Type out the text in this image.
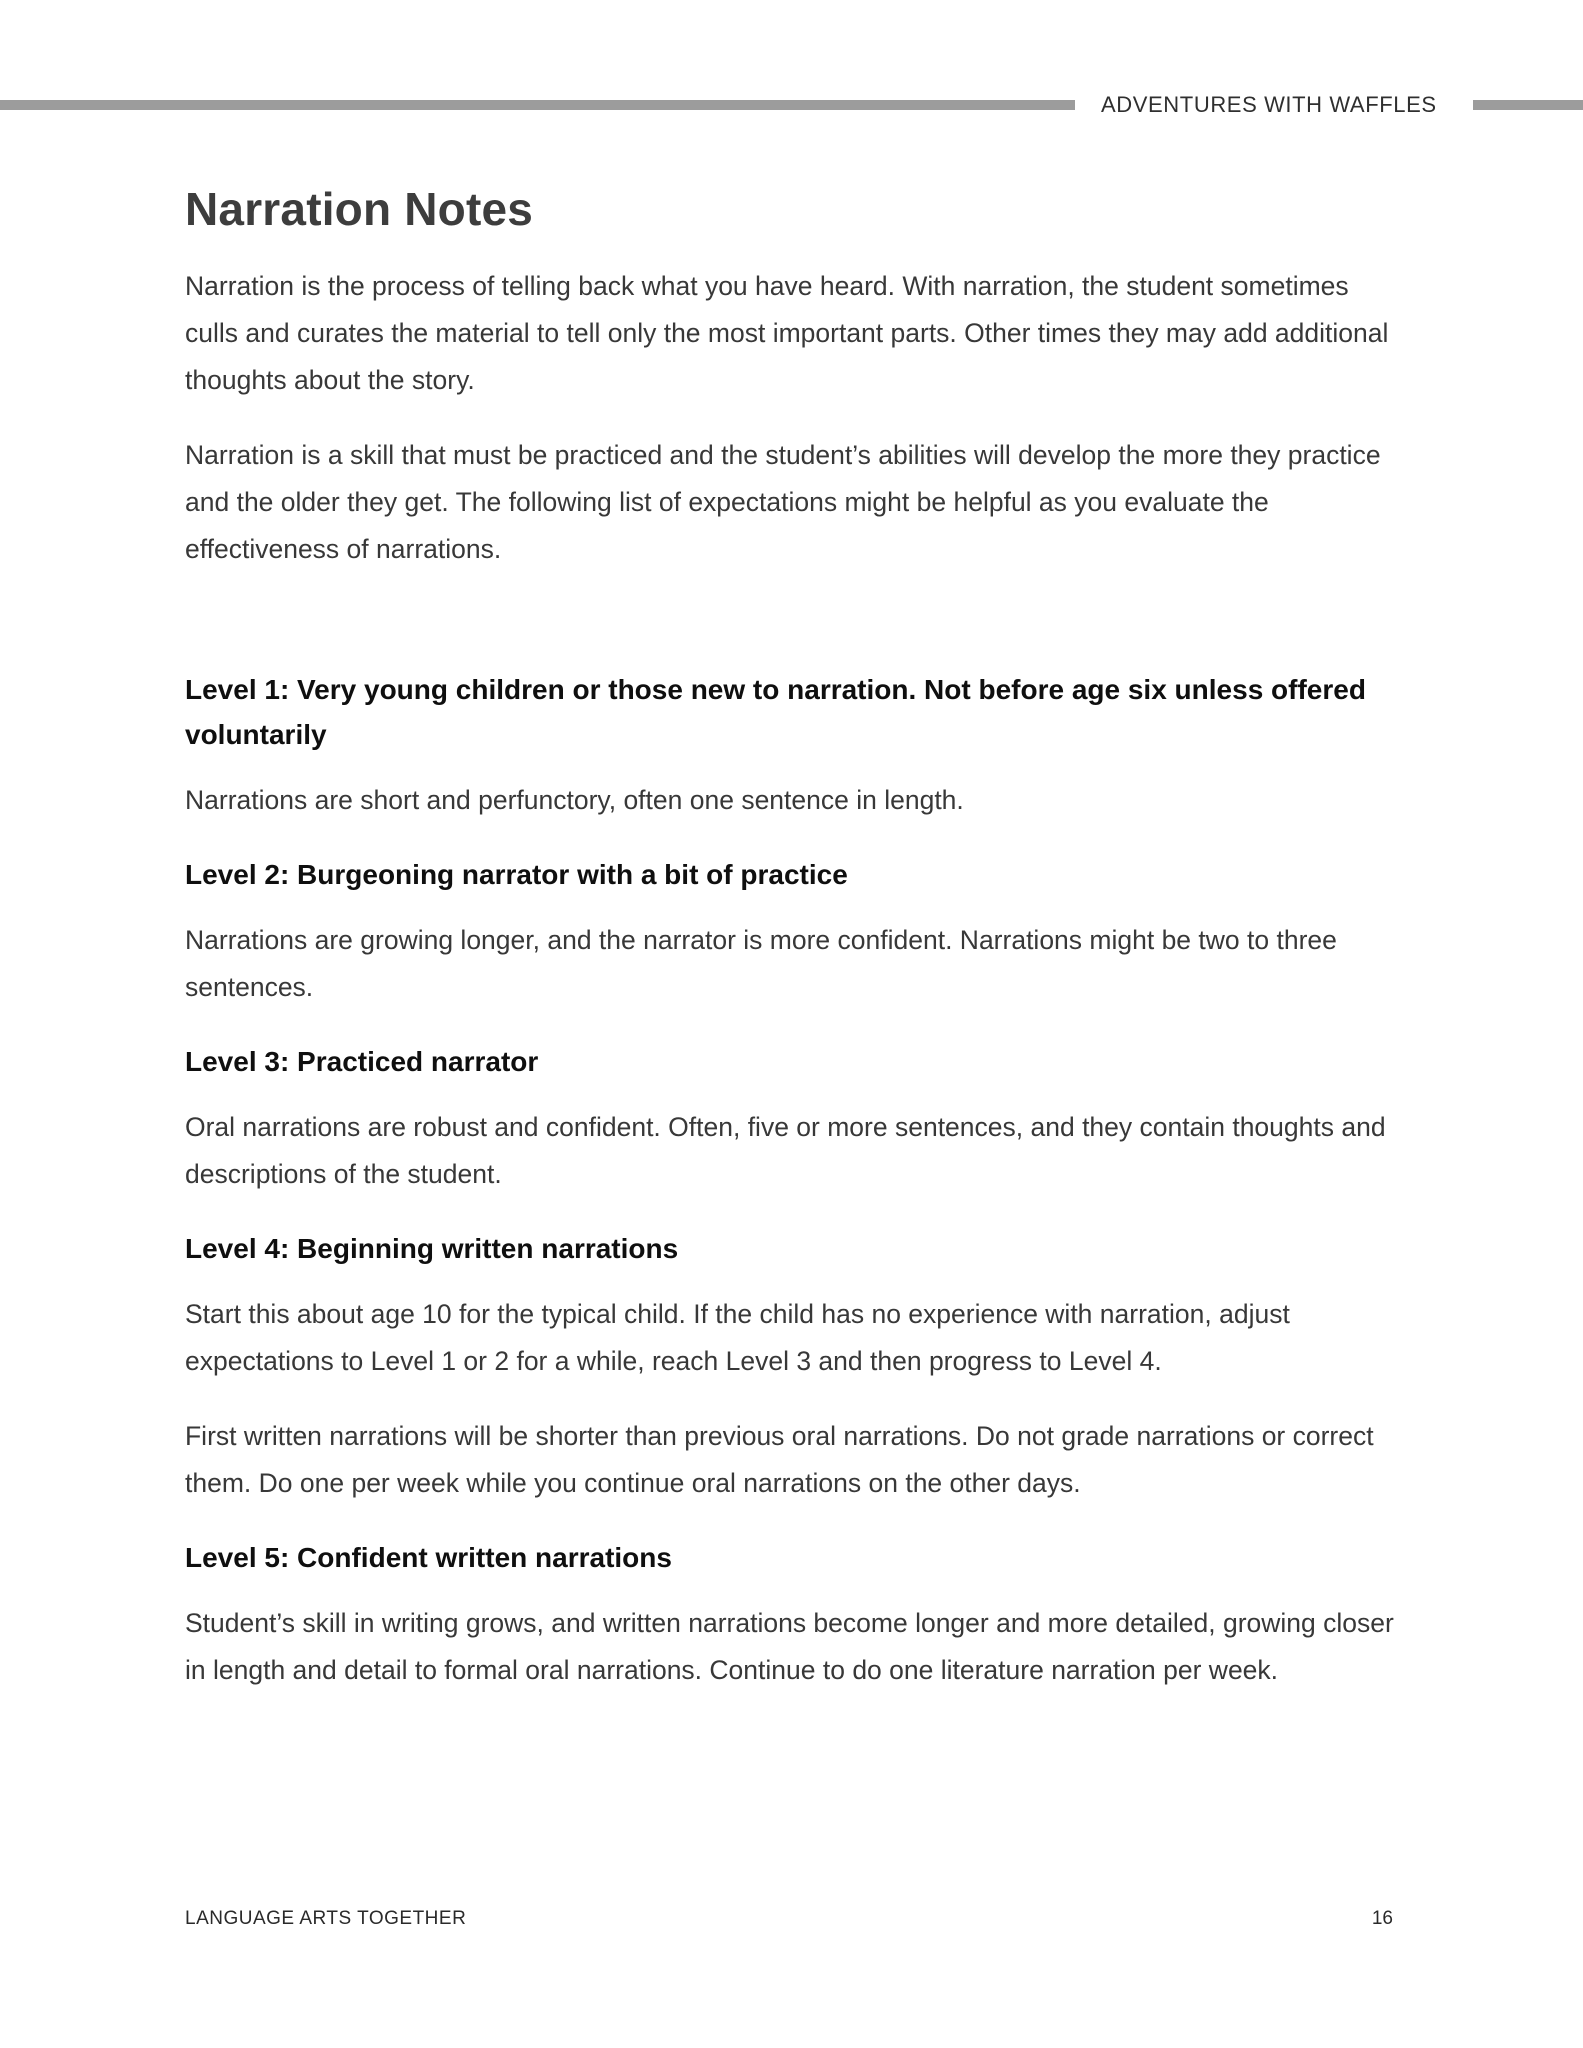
ADVENTURES WITH WAFFLES
Narration Notes

Narration is the process of telling back what you have heard. With narration, the student sometimes culls and curates the material to tell only the most important parts. Other times they may add additional thoughts about the story.

Narration is a skill that must be practiced and the student’s abilities will develop the more they practice and the older they get. The following list of expectations might be helpful as you evaluate the effectiveness of narrations.

Level 1: Very young children or those new to narration. Not before age six unless offered voluntarily

Narrations are short and perfunctory, often one sentence in length.

Level 2: Burgeoning narrator with a bit of practice

Narrations are growing longer, and the narrator is more confident. Narrations might be two to three sentences.

Level 3: Practiced narrator

Oral narrations are robust and confident. Often, five or more sentences, and they contain thoughts and descriptions of the student.

Level 4: Beginning written narrations

Start this about age 10 for the typical child. If the child has no experience with narration, adjust expectations to Level 1 or 2 for a while, reach Level 3 and then progress to Level 4.

First written narrations will be shorter than previous oral narrations. Do not grade narrations or correct them. Do one per week while you continue oral narrations on the other days.

Level 5: Confident written narrations

Student’s skill in writing grows, and written narrations become longer and more detailed, growing closer in length and detail to formal oral narrations. Continue to do one literature narration per week.

LANGUAGE ARTS TOGETHER	16
